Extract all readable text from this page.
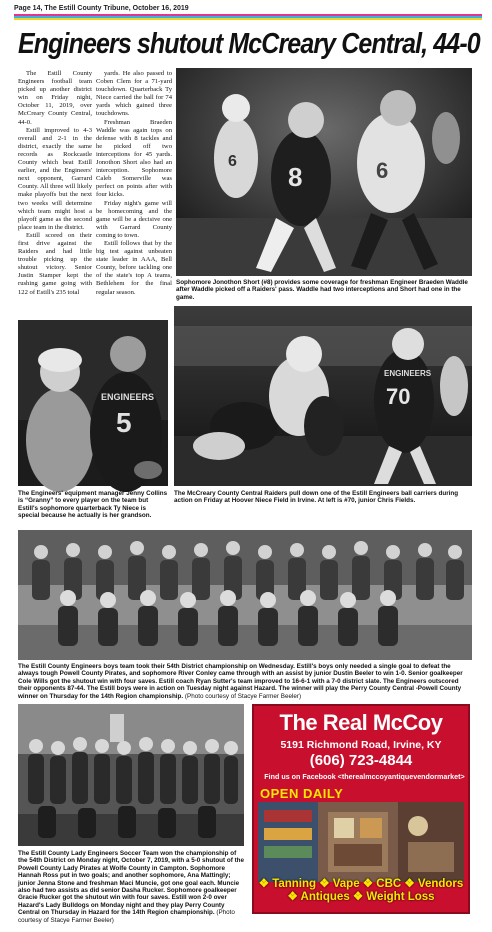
Page 14, The Estill County Tribune, October 16, 2019
Engineers shutout McCreary Central, 44-0

The Estill County Engineers football team picked up another district win on Friday night, October 11, 2019, over McCreary County Central, 44-0.

Estill improved to 4-3 overall and 2-1 in the district, exactly the same records as Rockcastle County which beat Estill earlier, and the Engineers' next opponent, Garrard County. All three will likely make playoffs but the next two weeks will determine which team might host a playoff game as the second place team in the district.

Estill scored on their first drive against the Raiders and had little trouble picking up the shutout victory. Senior Justin Stamper kept the rushing game going with 122 of Estill's 235 total

yards. He also passed to Coben Clem for a 71-yard touchdown. Quarterback Ty Niece carried the ball for 74 yards which gained three touchdowns.

Freshman Braeden Waddle was again tops on defense with 8 tackles and he picked off two interceptions for 45 yards. Jonothon Short also had an interception. Sophomore Caleb Somerville was perfect on points after with four kicks.

Friday night's game will be homecoming and the game will be a decisive one with Garrard County coming to town.

Estill follows that by the big test against unbeaten state leader in AAA, Bell County, before tackling one of the state's top A teams, Bethlehem for the final regular season.

6
8	6
Sophomore Jonothon Short (#8) provides some coverage for freshman Engineer Braeden Waddle after Waddle picked off a Raiders' pass. Waddle had two interceptions and Short had one in the game.
ENGINEERS
5
The Engineers' equipment manager Jenny Collins is “Granny” to every player on the team but Estill's sophomore quarterback Ty Niece is special because he actually is her grandson.
ENGINEERS
70
The McCreary County Central Raiders pull down one of the Estill Engineers ball carriers during action on Friday at Hoover Niece Field in Irvine. At left is #70, junior Chris Fields.
The Estill County Engineers boys team took their 54th District championship on Wednesday. Estill's boys only needed a single goal to defeat the always tough Powell County Pirates, and sophomore River Conley came through with an assist by junior Dustin Beeler to win 1-0. Senior goalkeeper Cole Wills got the shutout win with four saves. Estill coach Ryan Sutter's team improved to 16-6-1 with a 7-0 district slate. The Engineers outscored their opponents 87-44. The Estill boys were in action on Tuesday night against Hazard. The winner will play the Perry County Central -Powell County winner on Thursday for the 14th Region championship. (Photo courtesy of Stacye Farmer Beeler)
The Estill County Lady Engineers Soccer Team won the championship of the 54th District on Monday night, October 7, 2019, with a 5-0 shutout of the Powell County Lady Pirates at Wolfe County in Campton. Sophomore Hannah Ross put in two goals; and another sophomore, Ana Mattingly; junior Jenna Stone and freshman Maci Muncie, got one goal each. Muncie also had two assists as did senior Dasha Rucker. Sophomore goalkeeper Gracie Rucker got the shutout win with four saves. Estill won 2-0 over Hazard's Lady Bulldogs on Monday night and they play Perry County Central on Thursday in Hazard for the 14th Region championship. (Photo courtesy of Stacye Farmer Beeler)
The Real McCoy
5191 Richmond Road, Irvine, KY
(606) 723-4844
Find us on Facebook <therealmccoyantiquevendormarket>
OPEN DAILY
❖ Tanning ❖ Vape ❖ CBC ❖ Vendors
❖ Antiques ❖ Weight Loss
